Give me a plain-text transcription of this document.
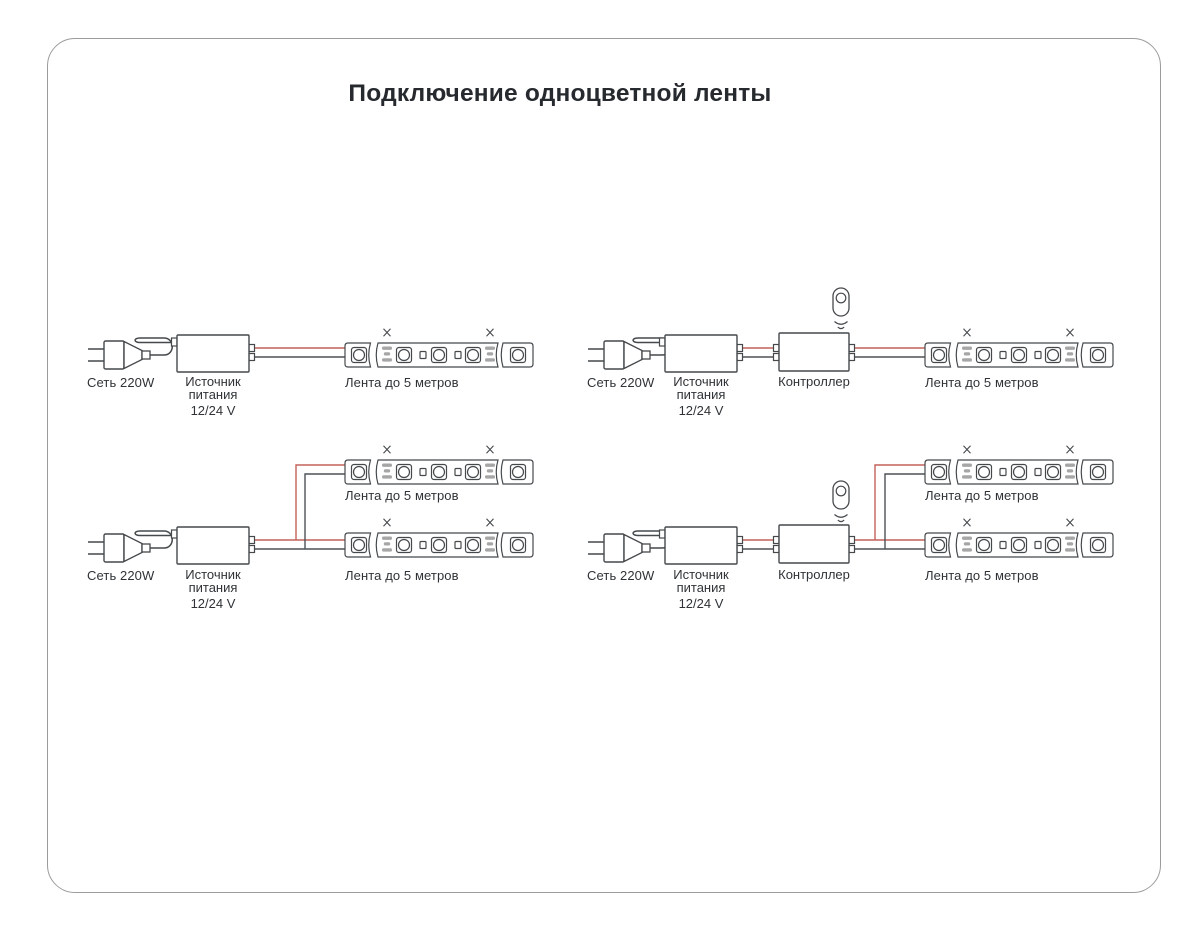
Подключение одноцветной ленты
Сеть 220W	Источник
питания
12/24 V
Лента до 5 метров	Сеть 220W	Источник
питания
12/24 V
Контроллер	Лента до 5 метров
Сеть 220W	Источник
питания
12/24 V
Лента до 5 метров
Лента до 5 метров	Сеть 220W	Источник
питания
12/24 V
Контроллер
Лента до 5 метров
Лента до 5 метров
